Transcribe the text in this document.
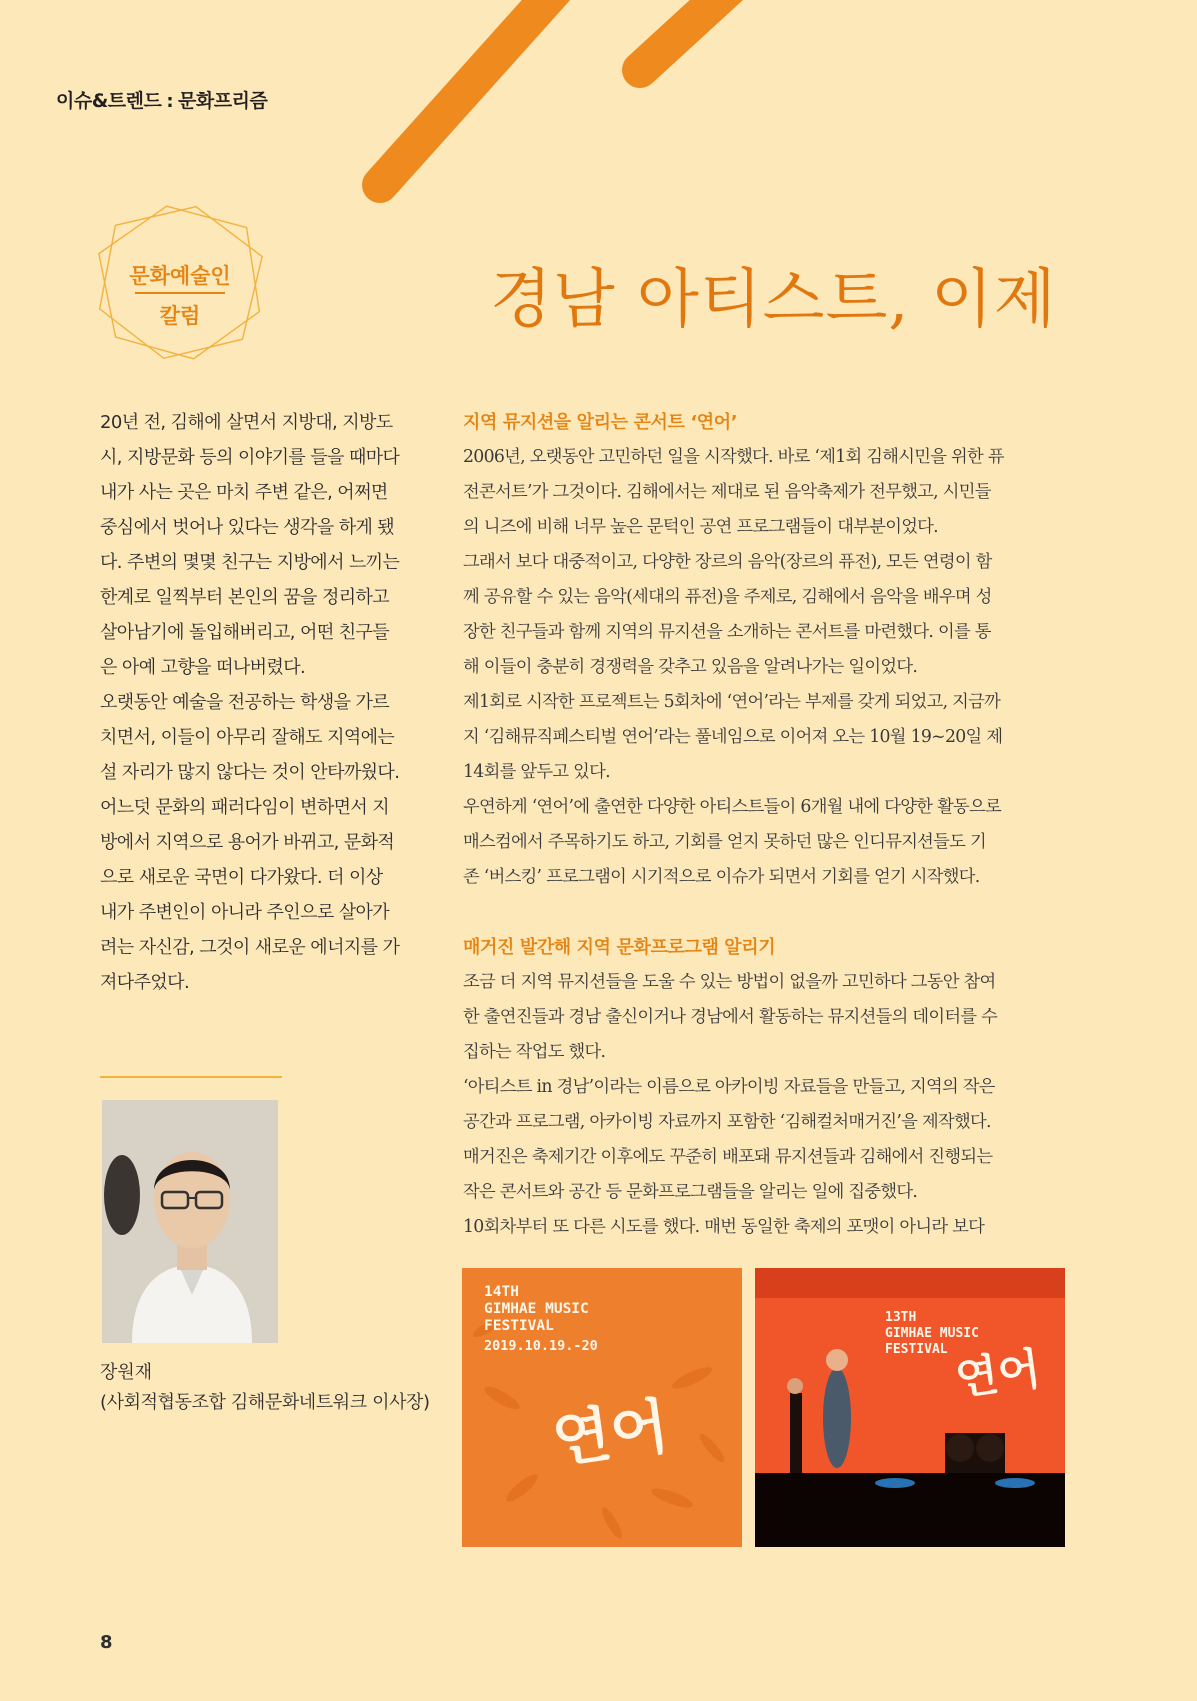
이슈&트렌드 : 문화프리즘
문화예술인
칼럼	경남 아티스트, 이제

20년 전, 김해에 살면서 지방대, 지방도

시, 지방문화 등의 이야기를 들을 때마다

내가 사는 곳은 마치 주변 같은, 어쩌면

중심에서 벗어나 있다는 생각을 하게 됐

다. 주변의 몇몇 친구는 지방에서 느끼는

한계로 일찍부터 본인의 꿈을 정리하고

살아남기에 돌입해버리고, 어떤 친구들

은 아예 고향을 떠나버렸다.

오랫동안 예술을 전공하는 학생을 가르

치면서, 이들이 아무리 잘해도 지역에는

설 자리가 많지 않다는 것이 안타까웠다.

어느덧 문화의 패러다임이 변하면서 지

방에서 지역으로 용어가 바뀌고, 문화적

으로 새로운 국면이 다가왔다. 더 이상

내가 주변인이 아니라 주인으로 살아가

려는 자신감, 그것이 새로운 에너지를 가

져다주었다.

장원재
(사회적협동조합 김해문화네트워크 이사장)

지역 뮤지션을 알리는 콘서트 ‘연어’

2006년, 오랫동안 고민하던 일을 시작했다. 바로 ‘제1회 김해시민을 위한 퓨

전콘서트’가 그것이다. 김해에서는 제대로 된 음악축제가 전무했고, 시민들

의 니즈에 비해 너무 높은 문턱인 공연 프로그램들이 대부분이었다.

그래서 보다 대중적이고, 다양한 장르의 음악(장르의 퓨전), 모든 연령이 함

께 공유할 수 있는 음악(세대의 퓨전)을 주제로, 김해에서 음악을 배우며 성

장한 친구들과 함께 지역의 뮤지션을 소개하는 콘서트를 마련했다. 이를 통

해 이들이 충분히 경쟁력을 갖추고 있음을 알려나가는 일이었다.

제1회로 시작한 프로젝트는 5회차에 ‘연어’라는 부제를 갖게 되었고, 지금까

지 ‘김해뮤직페스티벌 연어’라는 풀네임으로 이어져 오는 10월 19~20일 제

14회를 앞두고 있다.

우연하게 ‘연어’에 출연한 다양한 아티스트들이 6개월 내에 다양한 활동으로

매스컴에서 주목하기도 하고, 기회를 얻지 못하던 많은 인디뮤지션들도 기

존 ‘버스킹’ 프로그램이 시기적으로 이슈가 되면서 기회를 얻기 시작했다.

매거진 발간해 지역 문화프로그램 알리기

조금 더 지역 뮤지션들을 도울 수 있는 방법이 없을까 고민하다 그동안 참여

한 출연진들과 경남 출신이거나 경남에서 활동하는 뮤지션들의 데이터를 수

집하는 작업도 했다.

‘아티스트 in 경남’이라는 이름으로 아카이빙 자료들을 만들고, 지역의 작은

공간과 프로그램, 아카이빙 자료까지 포함한 ‘김해컬처매거진’을 제작했다.

매거진은 축제기간 이후에도 꾸준히 배포돼 뮤지션들과 김해에서 진행되는

작은 콘서트와 공간 등 문화프로그램들을 알리는 일에 집중했다.

10회차부터 또 다른 시도를 했다. 매번 동일한 축제의 포맷이 아니라 보다

14TH
GIMHAE MUSIC
FESTIVAL
2019.10.19.-20
연어
13TH
GIMHAE MUSIC
FESTIVAL 연어
8
